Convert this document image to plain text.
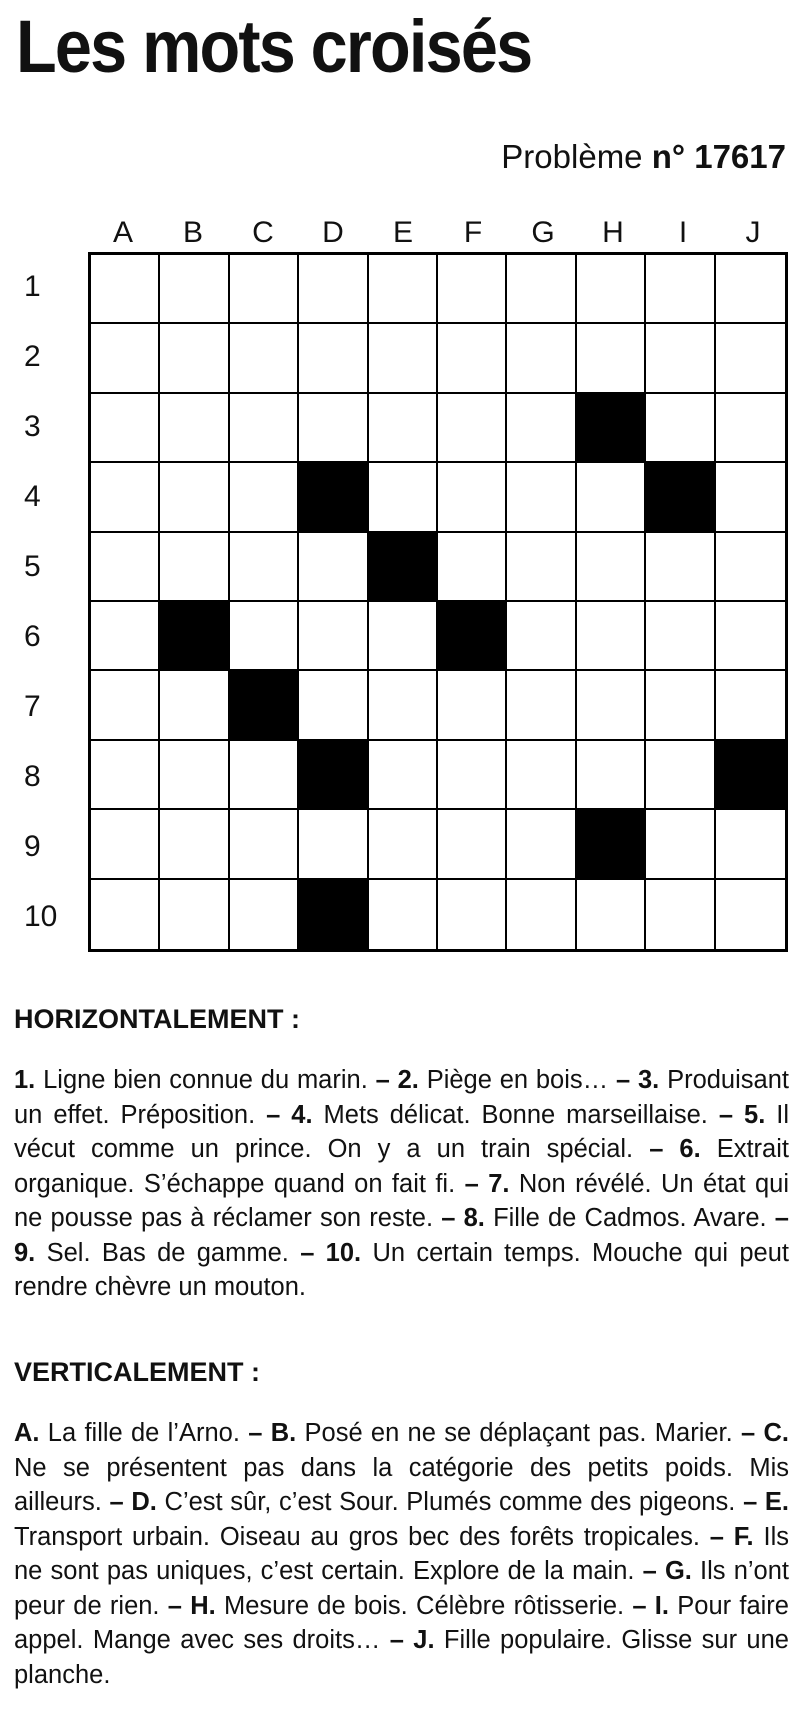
Les mots croisés
Problème n° 17617
A	B	C	D	E	F	G	H	I	J
1
2
3
4
5
6
7
8
9
10
HORIZONTALEMENT :
1. Ligne bien connue du marin. – 2. Piège en bois… – 3. Produisant un effet. Préposition. – 4. Mets délicat. Bonne marseillaise. – 5. Il vécut comme un prince. On y a un train spécial. – 6. Extrait organique. S’échappe quand on fait fi. – 7. Non révélé. Un état qui ne pousse pas à réclamer son reste. – 8. Fille de Cadmos. Avare. – 9. Sel. Bas de gamme. – 10. Un certain temps. Mouche qui peut rendre chèvre un mouton.
VERTICALEMENT :
A. La fille de l’Arno. – B. Posé en ne se déplaçant pas. Marier. – C. Ne se présentent pas dans la catégorie des petits poids. Mis ailleurs. – D. C’est sûr, c’est Sour. Plumés comme des pigeons. – E. Transport urbain. Oiseau au gros bec des forêts tropicales. – F. Ils ne sont pas uniques, c’est certain. Explore de la main. – G. Ils n’ont peur de rien. – H. Mesure de bois. Célèbre rôtisserie. – I. Pour faire appel. Mange avec ses droits… – J. Fille populaire. Glisse sur une planche.
